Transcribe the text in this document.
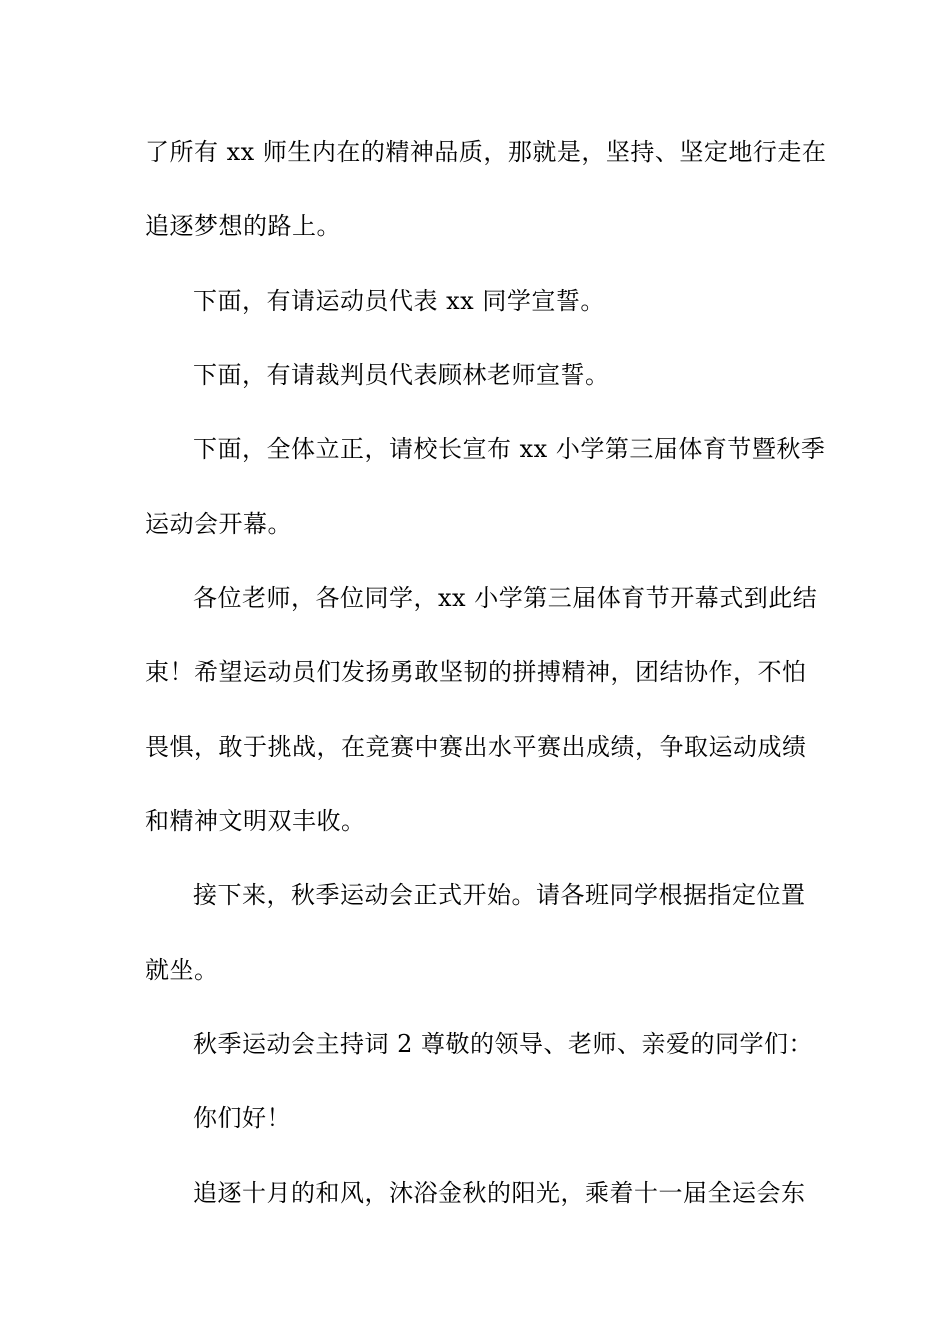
了所有 xx 师生内在的精神品质，那就是，坚持、坚定地行走在
追逐梦想的路上。
下面，有请运动员代表 xx 同学宣誓。
下面，有请裁判员代表顾林老师宣誓。
下面，全体立正，请校长宣布 xx 小学第三届体育节暨秋季
运动会开幕。
各位老师，各位同学，xx 小学第三届体育节开幕式到此结
束！希望运动员们发扬勇敢坚韧的拼搏精神，团结协作，不怕
畏惧，敢于挑战，在竞赛中赛出水平赛出成绩，争取运动成绩
和精神文明双丰收。
接下来，秋季运动会正式开始。请各班同学根据指定位置
就坐。
秋季运动会主持词 2 尊敬的领导、老师、亲爱的同学们：
你们好！
追逐十月的和风，沐浴金秋的阳光，乘着十一届全运会东
